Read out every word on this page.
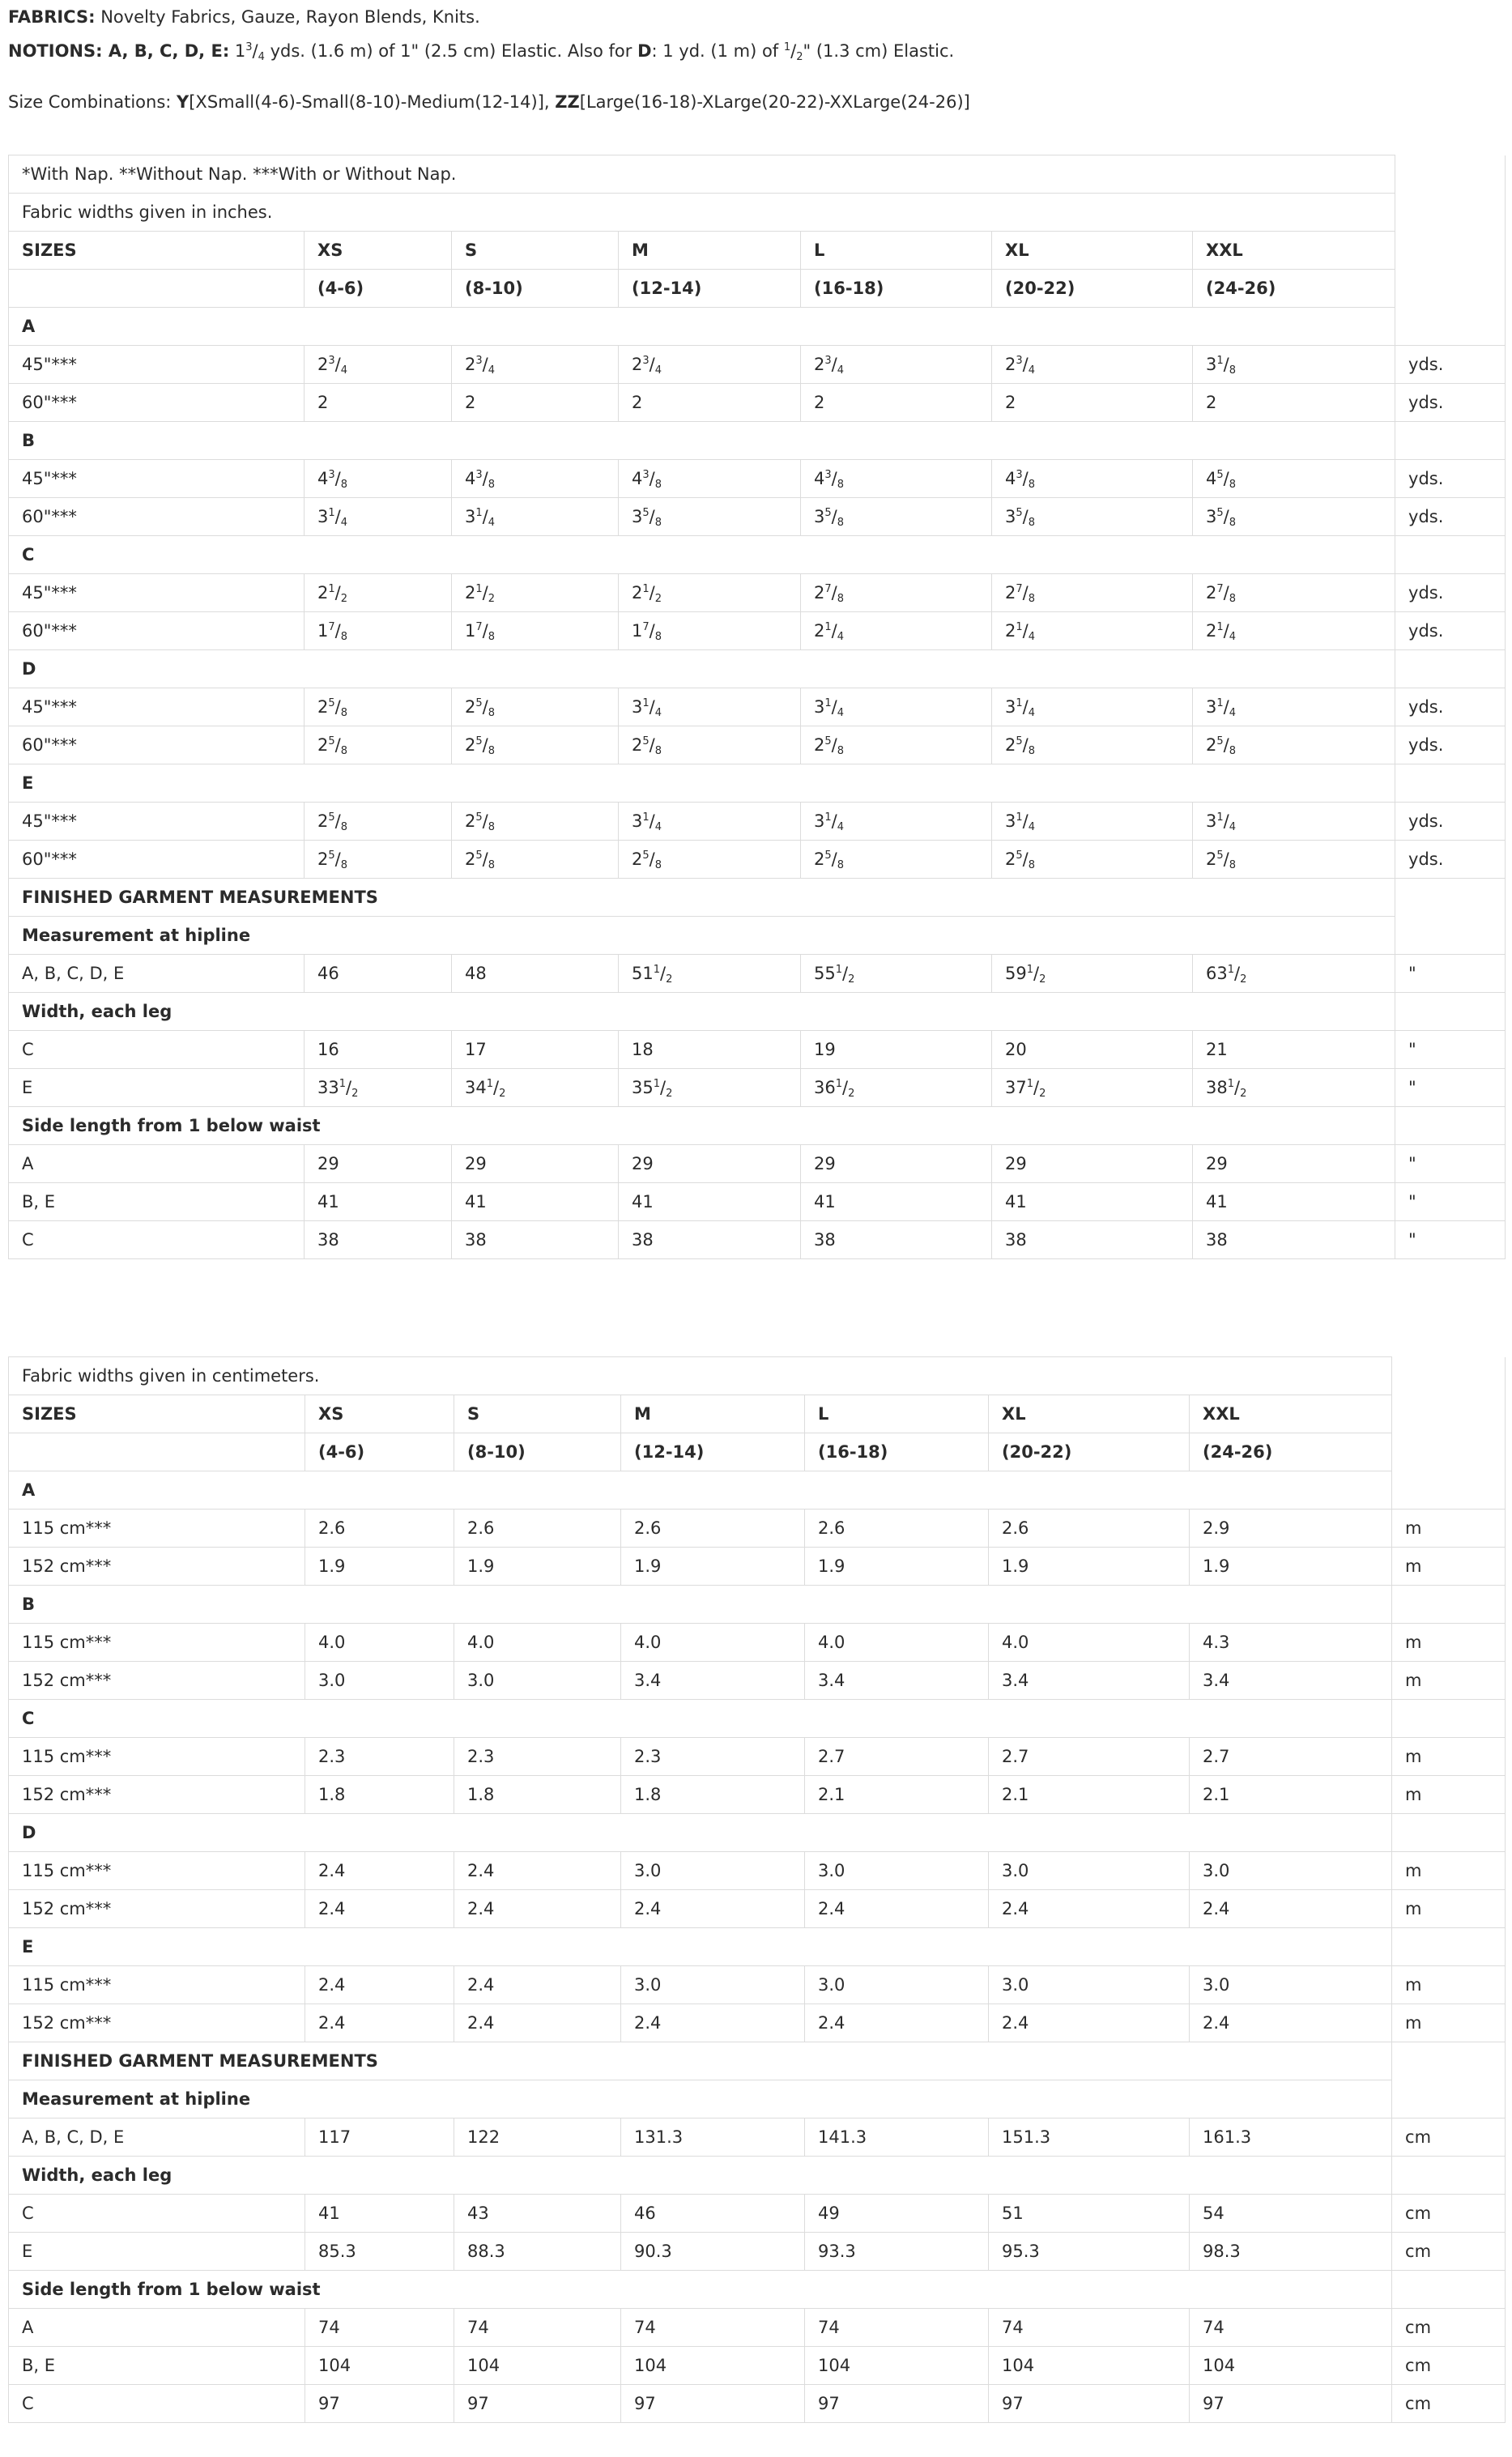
FABRICS: Novelty Fabrics, Gauze, Rayon Blends, Knits.

NOTIONS: A, B, C, D, E: $1^3/_4$ yds. (1.6 m) of 1" (2.5 cm) Elastic. Also for D: 1 yd. (1 m) of $^1/_2$" (1.3 cm) Elastic.

Size Combinations: Y[XSmall(4-6)-Small(8-10)-Medium(12-14)], ZZ[Large(16-18)-XLarge(20-22)-XXLarge(24-26)]

*With Nap. **Without Nap. ***With or Without Nap.							
Fabric widths given in inches.							
SIZES	XS	S	M	L	XL	XXL	
	(4-6)	(8-10)	(12-14)	(16-18)	(20-22)	(24-26)	
A							
45"***	$2^3/_4$	$2^3/_4$	$2^3/_4$	$2^3/_4$	$2^3/_4$	$3^1/_8$	yds.
60"***	2	2	2	2	2	2	yds.
B							
45"***	$4^3/_8$	$4^3/_8$	$4^3/_8$	$4^3/_8$	$4^3/_8$	$4^5/_8$	yds.
60"***	$3^1/_4$	$3^1/_4$	$3^5/_8$	$3^5/_8$	$3^5/_8$	$3^5/_8$	yds.
C							
45"***	$2^1/_2$	$2^1/_2$	$2^1/_2$	$2^7/_8$	$2^7/_8$	$2^7/_8$	yds.
60"***	$1^7/_8$	$1^7/_8$	$1^7/_8$	$2^1/_4$	$2^1/_4$	$2^1/_4$	yds.
D							
45"***	$2^5/_8$	$2^5/_8$	$3^1/_4$	$3^1/_4$	$3^1/_4$	$3^1/_4$	yds.
60"***	$2^5/_8$	$2^5/_8$	$2^5/_8$	$2^5/_8$	$2^5/_8$	$2^5/_8$	yds.
E							
45"***	$2^5/_8$	$2^5/_8$	$3^1/_4$	$3^1/_4$	$3^1/_4$	$3^1/_4$	yds.
60"***	$2^5/_8$	$2^5/_8$	$2^5/_8$	$2^5/_8$	$2^5/_8$	$2^5/_8$	yds.
FINISHED GARMENT MEASUREMENTS							
Measurement at hipline							
A, B, C, D, E	46	48	$51^1/_2$	$55^1/_2$	$59^1/_2$	$63^1/_2$	"
Width, each leg							
C	16	17	18	19	20	21	"
E	$33^1/_2$	$34^1/_2$	$35^1/_2$	$36^1/_2$	$37^1/_2$	$38^1/_2$	"
Side length from 1 below waist							
A	29	29	29	29	29	29	"
B, E	41	41	41	41	41	41	"
C	38	38	38	38	38	38	"
Fabric widths given in centimeters.							
SIZES	XS	S	M	L	XL	XXL	
	(4-6)	(8-10)	(12-14)	(16-18)	(20-22)	(24-26)	
A							
115 cm***	2.6	2.6	2.6	2.6	2.6	2.9	m
152 cm***	1.9	1.9	1.9	1.9	1.9	1.9	m
B							
115 cm***	4.0	4.0	4.0	4.0	4.0	4.3	m
152 cm***	3.0	3.0	3.4	3.4	3.4	3.4	m
C							
115 cm***	2.3	2.3	2.3	2.7	2.7	2.7	m
152 cm***	1.8	1.8	1.8	2.1	2.1	2.1	m
D							
115 cm***	2.4	2.4	3.0	3.0	3.0	3.0	m
152 cm***	2.4	2.4	2.4	2.4	2.4	2.4	m
E							
115 cm***	2.4	2.4	3.0	3.0	3.0	3.0	m
152 cm***	2.4	2.4	2.4	2.4	2.4	2.4	m
FINISHED GARMENT MEASUREMENTS							
Measurement at hipline							
A, B, C, D, E	117	122	131.3	141.3	151.3	161.3	cm
Width, each leg							
C	41	43	46	49	51	54	cm
E	85.3	88.3	90.3	93.3	95.3	98.3	cm
Side length from 1 below waist							
A	74	74	74	74	74	74	cm
B, E	104	104	104	104	104	104	cm
C	97	97	97	97	97	97	cm
